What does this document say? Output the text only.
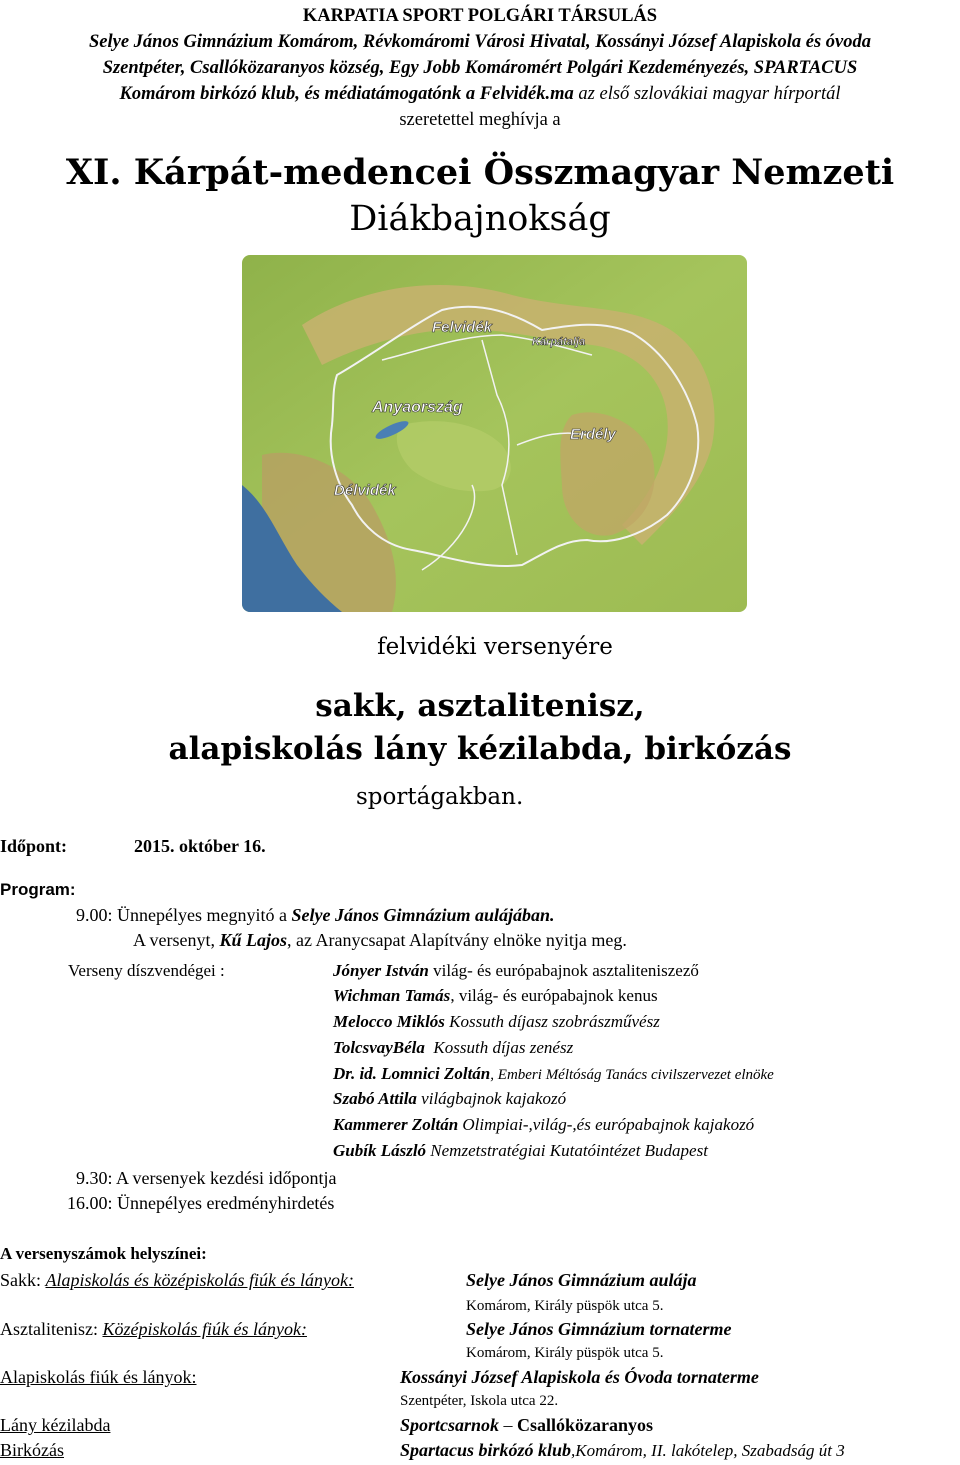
KARPATIA SPORT POLGÁRI TÁRSULÁS
Selye János Gimnázium Komárom, Révkomáromi Városi Hivatal, Kossányi József Alapiskola és óvoda
Szentpéter, Csallóközaranyos község, Egy Jobb Komáromért Polgári Kezdeményezés, SPARTACUS
Komárom birkózó klub, és médiatámogatónk a Felvidék.ma az első szlovákiai magyar hírportál
szeretettel meghívja a
XI. Kárpát-medencei Összmagyar Nemzeti
Diákbajnokság
Felvidék
Kárpátalja
Anyaország
Erdély
Délvidék
felvidéki versenyére
sakk, asztalitenisz,
alapiskolás lány kézilabda, birkózás
sportágakban.
Időpont:	2015. október 16.
Program:
9.00: Ünnepélyes megnyitó a Selye János Gimnázium aulájában.
A versenyt, Kű Lajos, az Aranycsapat Alapítvány elnöke nyitja meg.
Verseny díszvendégei :	Jónyer István világ- és európabajnok asztaliteniszező
Wichman Tamás, világ- és európabajnok kenus
Melocco Miklós Kossuth díjasz szobrászművész
TolcsvayBéla Kossuth díjas zenész
Dr. id. Lomnici Zoltán, Emberi Méltóság Tanács civilszervezet elnöke
Szabó Attila világbajnok kajakozó
Kammerer Zoltán Olimpiai-,világ-,és európabajnok kajakozó
Gubík László Nemzetstratégiai Kutatóintézet Budapest
9.30: A versenyek kezdési időpontja
16.00: Ünnepélyes eredményhirdetés
A versenyszámok helyszínei:
Sakk: Alapiskolás és középiskolás fiúk és lányok:	Selye János Gimnázium aulája
Komárom, Király püspök utca 5.
Asztalitenisz: Középiskolás fiúk és lányok:	Selye János Gimnázium tornaterme
Komárom, Király püspök utca 5.
Alapiskolás fiúk és lányok:	Kossányi József Alapiskola és Óvoda tornaterme
Szentpéter, Iskola utca 22.
Lány kézilabda	Sportcsarnok – Csallóközaranyos
Birkózás	Spartacus birkózó klub,Komárom, II. lakótelep, Szabadság út 3
